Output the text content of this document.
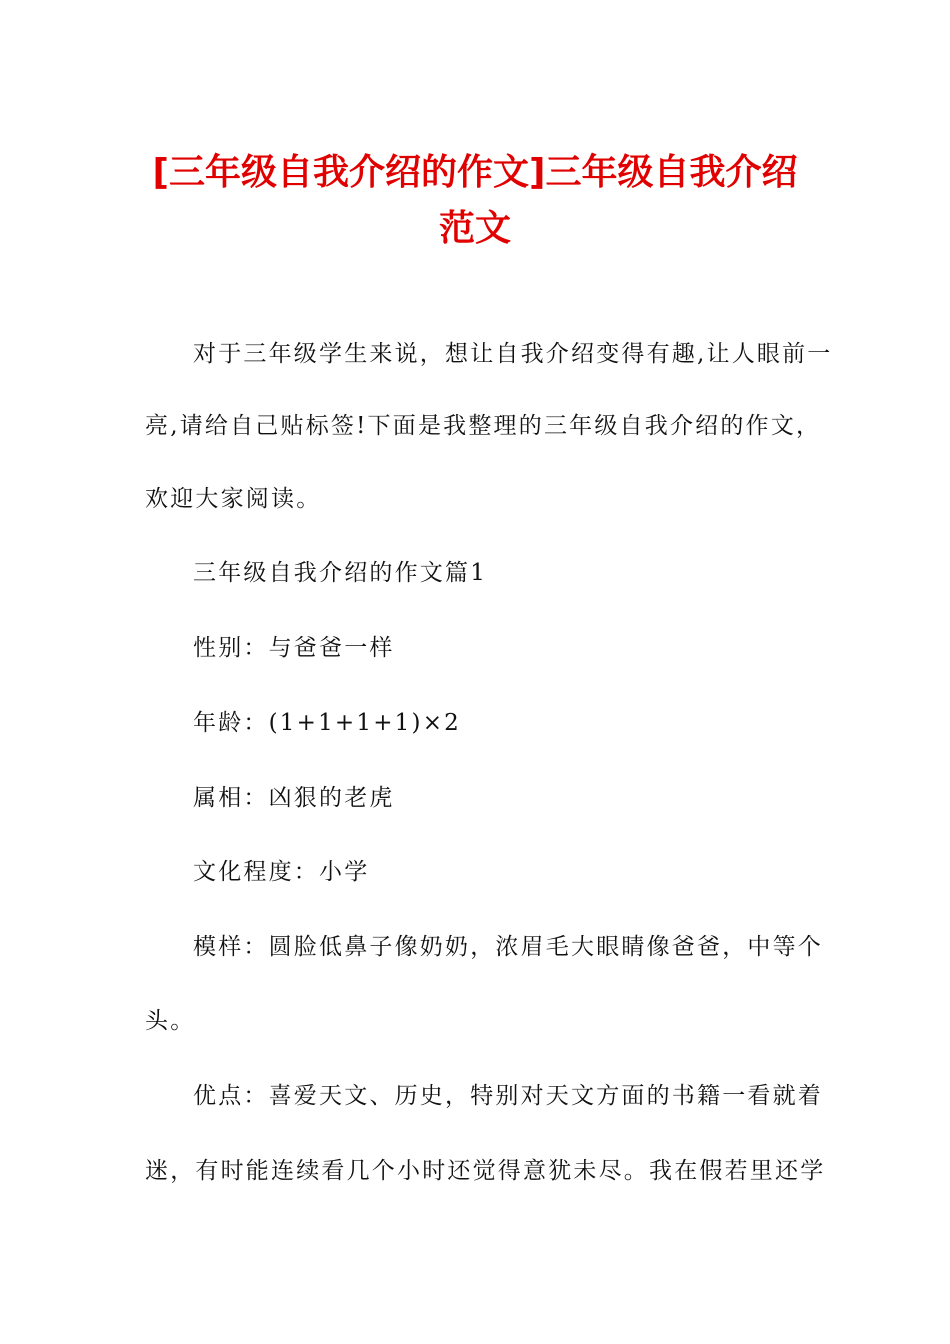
[三年级自我介绍的作文]三年级自我介绍范文

对于三年级学生来说，想让自我介绍变得有趣,让人眼前一

亮,请给自己贴标签!下面是我整理的三年级自我介绍的作文，

欢迎大家阅读。

三年级自我介绍的作文篇1

性别：与爸爸一样

年龄：(1+1+1+1)×2

属相：凶狠的老虎

文化程度：小学

模样：圆脸低鼻子像奶奶，浓眉毛大眼睛像爸爸，中等个

头。

优点：喜爱天文、历史，特别对天文方面的书籍一看就着

迷，有时能连续看几个小时还觉得意犹未尽。我在假若里还学
